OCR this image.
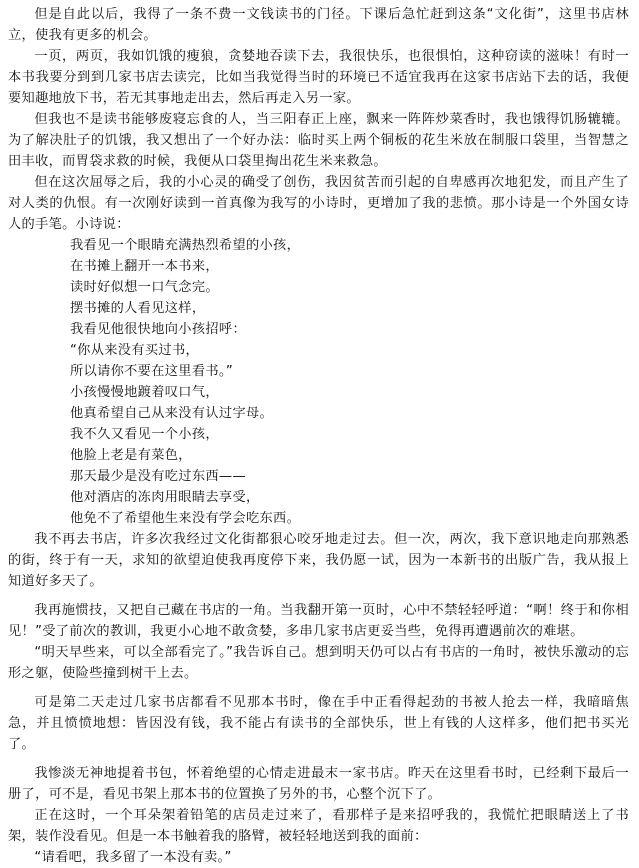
但是自此以后，我得了一条不费一文钱读书的门径。下课后急忙赶到这条“文化街”，这里书店林立，使我有更多的机会。

一页，两页，我如饥饿的瘦狼，贪婪地吞读下去，我很快乐，也很惧怕，这种窃读的滋味！有时一本书我要分到到几家书店去读完，比如当我觉得当时的环境已不适宜我再在这家书店站下去的话，我便要知趣地放下书，若无其事地走出去，然后再走入另一家。

但我也不是读书能够废寝忘食的人，当三阳春正上座，飘来一阵阵炒菜香时，我也饿得饥肠辘辘。为了解决肚子的饥饿，我又想出了一个好办法：临时买上两个铜板的花生米放在制服口袋里，当智慧之田丰收，而胃袋求救的时候，我便从口袋里掏出花生米来救急。

但在这次屈辱之后，我的小心灵的确受了创伤，我因贫苦而引起的自卑感再次地犯发，而且产生了对人类的仇恨。有一次刚好读到一首真像为我写的小诗时，更增加了我的悲愤。那小诗是一个外国女诗人的手笔。小诗说：

我看见一个眼睛充满热烈希望的小孩，
在书摊上翻开一本书来，
读时好似想一口气念完。
摆书摊的人看见这样，
我看见他很快地向小孩招呼：
“你从来没有买过书，
所以请你不要在这里看书。”
小孩慢慢地踱着叹口气，
他真希望自己从来没有认过字母。
我不久又看见一个小孩，
他脸上老是有菜色，
那天最少是没有吃过东西——
他对酒店的冻肉用眼睛去享受，
他免不了希望他生来没有学会吃东西。

我不再去书店，许多次我经过文化街都狠心咬牙地走过去。但一次，两次，我下意识地走向那熟悉的街，终于有一天，求知的欲望迫使我再度停下来，我仍愿一试，因为一本新书的出版广告，我从报上知道好多天了。

我再施惯技，又把自己藏在书店的一角。当我翻开第一页时，心中不禁轻轻呼道：“啊！终于和你相见！”受了前次的教训，我更小心地不敢贪婪，多串几家书店更妥当些，免得再遭遇前次的难堪。

“明天早些来，可以全部看完了。”我告诉自己。想到明天仍可以占有书店的一角时，被快乐激动的忘形之躯，使险些撞到树干上去。

可是第二天走过几家书店都看不见那本书时，像在手中正看得起劲的书被人抢去一样，我暗暗焦急，并且愤愤地想：皆因没有钱，我不能占有读书的全部快乐，世上有钱的人这样多，他们把书买光了。

我惨淡无神地提着书包，怀着绝望的心情走进最末一家书店。昨天在这里看书时，已经剩下最后一册了，可不是，看见书架上那本书的位置换了另外的书，心整个沉下了。

正在这时，一个耳朵架着铅笔的店员走过来了，看那样子是来招呼我的，我慌忙把眼睛送上了书架，装作没看见。但是一本书触着我的胳臂，被轻轻地送到我的面前：

“请看吧，我多留了一本没有卖。”
